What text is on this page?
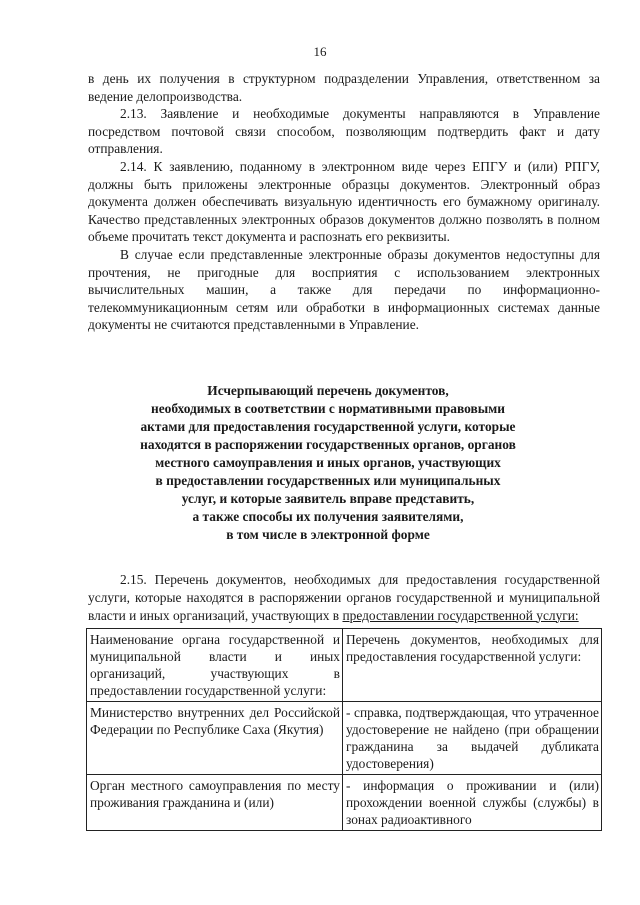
16

в день их получения в структурном подразделении Управления, ответственном за ведение делопроизводства.

2.13. Заявление и необходимые документы направляются в Управление посредством почтовой связи способом, позволяющим подтвердить факт и дату отправления.

2.14. К заявлению, поданному в электронном виде через ЕПГУ и (или) РПГУ, должны быть приложены электронные образцы документов. Электронный образ документа должен обеспечивать визуальную идентичность его бумажному оригиналу. Качество представленных электронных образов документов должно позволять в полном объеме прочитать текст документа и распознать его реквизиты.

В случае если представленные электронные образы документов недоступны для прочтения, не пригодные для восприятия с использованием электронных вычислительных машин, а также для передачи по информационно-телекоммуникационным сетям или обработки в информационных системах данные документы не считаются представленными в Управление.

Исчерпывающий перечень документов,
необходимых в соответствии с нормативными правовыми
актами для предоставления государственной услуги, которые
находятся в распоряжении государственных органов, органов
местного самоуправления и иных органов, участвующих
в предоставлении государственных или муниципальных
услуг, и которые заявитель вправе представить,
а также способы их получения заявителями,
в том числе в электронной форме

2.15. Перечень документов, необходимых для предоставления государственной услуги, которые находятся в распоряжении органов государственной и муниципальной власти и иных организаций, участвующих в предоставлении государственной услуги:

Наименование органа государственной и муниципальной власти и иных организаций, участвующих в предоставлении государственной услуги:	Перечень документов, необходимых для предоставления государственной услуги:
Министерство внутренних дел Российской Федерации по Республике Саха (Якутия)	- справка, подтверждающая, что утраченное удостоверение не найдено (при обращении гражданина за выдачей дубликата удостоверения)
Орган местного самоуправления по месту проживания гражданина и (или)	- информация о проживании и (или) прохождении военной службы (службы) в зонах радиоактивного
